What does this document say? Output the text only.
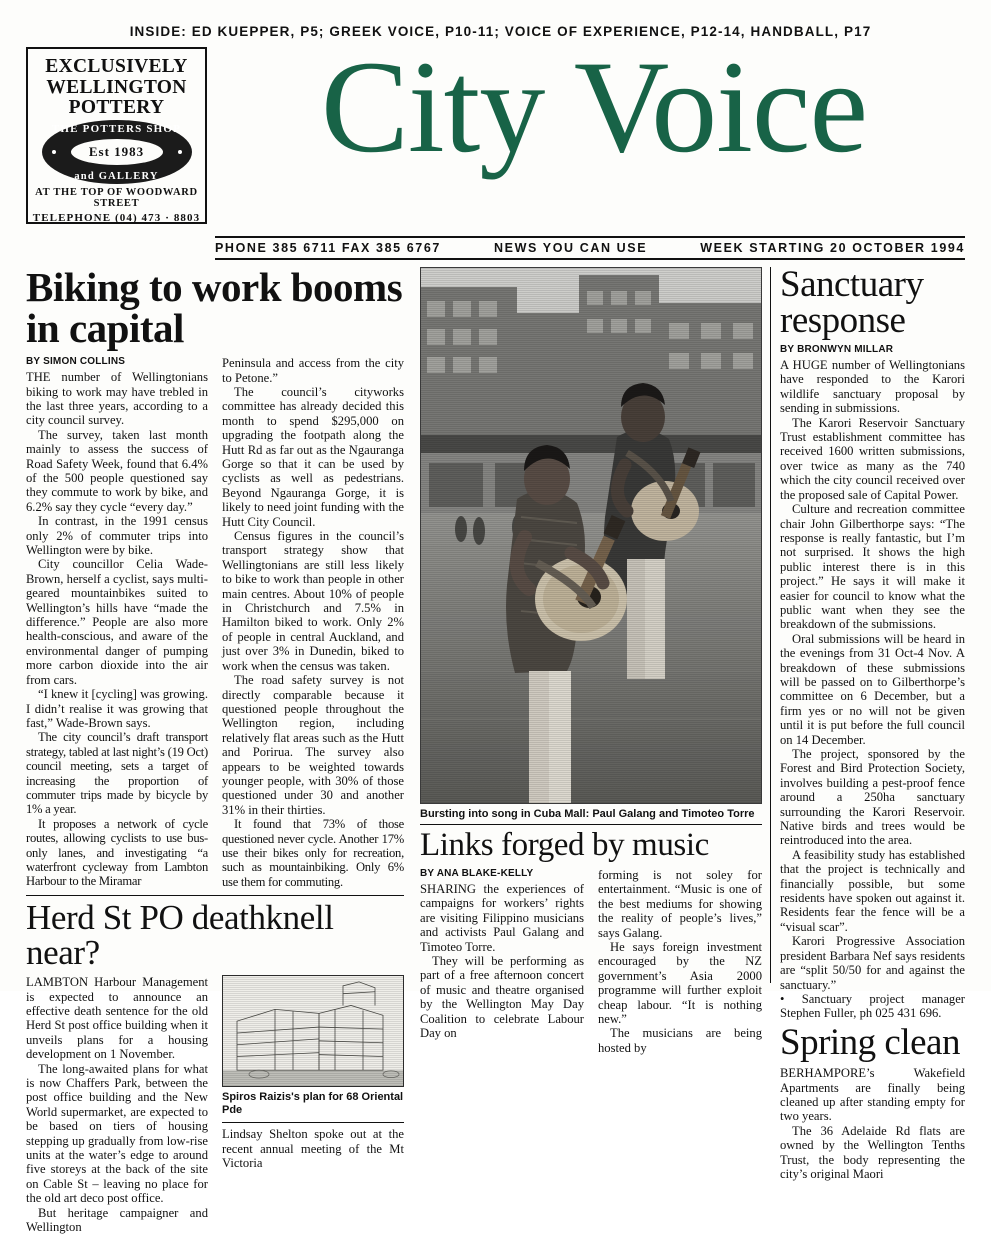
INSIDE: ED KUEPPER, P5; GREEK VOICE, P10-11; VOICE OF EXPERIENCE, P12-14, HANDBALL, P17
EXCLUSIVELY
WELLINGTON
POTTERY
THE POTTERS SHOP
Est 1983
and GALLERY
AT THE TOP OF WOODWARD STREET
TELEPHONE (04) 473 · 8803
City Voice
PHONE 385 6711 FAX 385 6767	NEWS YOU CAN USE	WEEK STARTING 20 OCTOBER 1994
Biking to work booms in capital
BY SIMON COLLINS

THE number of Wellingtonians biking to work may have trebled in the last three years, according to a city council survey.

The survey, taken last month mainly to assess the success of Road Safety Week, found that 6.4% of the 500 people questioned say they commute to work by bike, and 6.2% say they cycle “every day.”

In contrast, in the 1991 census only 2% of commuter trips into Wellington were by bike.

City councillor Celia Wade-Brown, herself a cyclist, says multi-geared mountainbikes suited to Wellington’s hills have “made the difference.” People are also more health-conscious, and aware of the environmental danger of pumping more carbon dioxide into the air from cars.

“I knew it [cycling] was growing. I didn’t realise it was growing that fast,” Wade-Brown says.

The city council’s draft transport strategy, tabled at last night’s (19 Oct) council meeting, sets a target of increasing the proportion of commuter trips made by bicycle by 1% a year.

It proposes a network of cycle routes, allowing cyclists to use bus-only lanes, and investigating “a waterfront cycleway from Lambton Harbour to the Miramar

Peninsula and access from the city to Petone.”

The council’s cityworks committee has already decided this month to spend $295,000 on upgrading the footpath along the Hutt Rd as far out as the Ngauranga Gorge so that it can be used by cyclists as well as pedestrians. Beyond Ngauranga Gorge, it is likely to need joint funding with the Hutt City Council.

Census figures in the council’s transport strategy show that Wellingtonians are still less likely to bike to work than people in other main centres. About 10% of people in Christchurch and 7.5% in Hamilton biked to work. Only 2% of people in central Auckland, and just over 3% in Dunedin, biked to work when the census was taken.

The road safety survey is not directly comparable because it questioned people throughout the Wellington region, including relatively flat areas such as the Hutt and Porirua. The survey also appears to be weighted towards younger people, with 30% of those questioned under 30 and another 31% in their thirties.

It found that 73% of those questioned never cycle. Another 17% use their bikes only for recreation, such as mountainbiking. Only 6% use them for commuting.

Herd St PO deathknell near?

LAMBTON Harbour Management is expected to announce an effective death sentence for the old Herd St post office building when it unveils plans for a housing development on 1 November.

The long-awaited plans for what is now Chaffers Park, between the post office building and the New World supermarket, are expected to be based on tiers of housing stepping up gradually from low-rise units at the water’s edge to around five storeys at the back of the site on Cable St – leaving no place for the old art deco post office.

But heritage campaigner and Wellington

Spiros Raizis's plan for 68 Oriental Pde

Lindsay Shelton spoke out at the recent annual meeting of the Mt Victoria

Bursting into song in Cuba Mall: Paul Galang and Timoteo Torre
Links forged by music
BY ANA BLAKE-KELLY

SHARING the experiences of campaigns for workers’ rights are visiting Filippino musicians and activists Paul Galang and Timoteo Torre.

They will be performing as part of a free afternoon concert of music and theatre organised by the Wellington May Day Coalition to celebrate Labour Day on

forming is not soley for entertainment. “Music is one of the best mediums for showing the reality of people’s lives,” says Galang.

He says foreign investment encouraged by the NZ government’s Asia 2000 programme will further exploit cheap labour. “It is nothing new.”

The musicians are being hosted by

Sanctuary response
BY BRONWYN MILLAR

A HUGE number of Wellingtonians have responded to the Karori wildlife sanctuary proposal by sending in submissions.

The Karori Reservoir Sanctuary Trust establishment committee has received 1600 written submissions, over twice as many as the 740 which the city council received over the proposed sale of Capital Power.

Culture and recreation committee chair John Gilberthorpe says: “The response is really fantastic, but I’m not surprised. It shows the high public interest there is in this project.” He says it will make it easier for council to know what the public want when they see the breakdown of the submissions.

Oral submissions will be heard in the evenings from 31 Oct-4 Nov. A breakdown of these submissions will be passed on to Gilberthorpe’s committee on 6 December, but a firm yes or no will not be given until it is put before the full council on 14 December.

The project, sponsored by the Forest and Bird Protection Society, involves building a pest-proof fence around a 250ha sanctuary surrounding the Karori Reservoir. Native birds and trees would be reintroduced into the area.

A feasibility study has established that the project is technically and financially possible, but some residents have spoken out against it. Residents fear the fence will be a “visual scar”.

Karori Progressive Association president Barbara Nef says residents are “split 50/50 for and against the sanctuary.”

• Sanctuary project manager Stephen Fuller, ph 025 431 696.

Spring clean

BERHAMPORE’s Wakefield Apartments are finally being cleaned up after standing empty for two years.

The 36 Adelaide Rd flats are owned by the Wellington Tenths Trust, the body representing the city’s original Maori
